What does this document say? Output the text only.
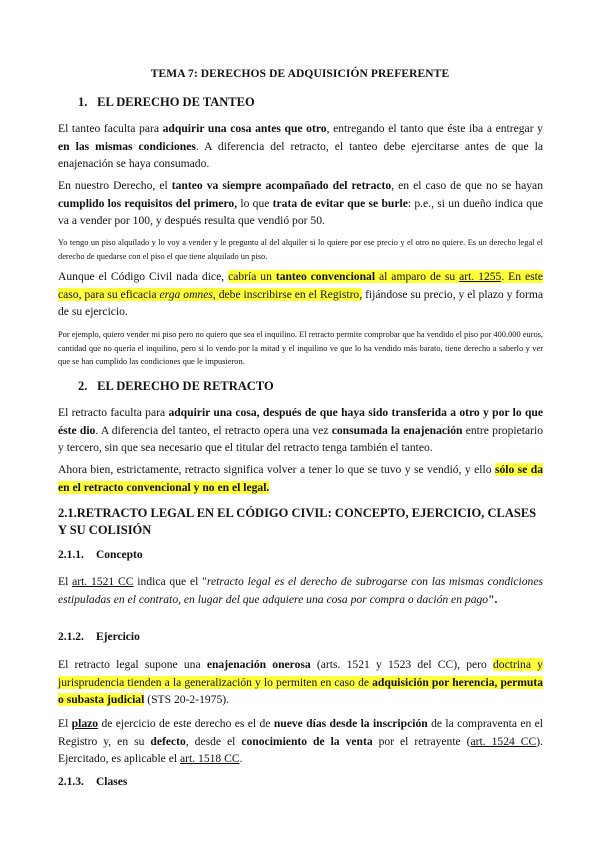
TEMA 7: DERECHOS DE ADQUISICIÓN PREFERENTE
1. EL DERECHO DE TANTEO
El tanteo faculta para adquirir una cosa antes que otro, entregando el tanto que éste iba a entregar y en las mismas condiciones. A diferencia del retracto, el tanteo debe ejercitarse antes de que la enajenación se haya consumado.
En nuestro Derecho, el tanteo va siempre acompañado del retracto, en el caso de que no se hayan cumplido los requisitos del primero, lo que trata de evitar que se burle: p.e., si un dueño indica que va a vender por 100, y después resulta que vendió por 50.
Yo tengo un piso alquilado y lo voy a vender y le pregunto al del alquiler si lo quiere por ese precio y el otro no quiere. Es un derecho legal el derecho de quedarse con el piso el que tiene alquilado un piso.
Aunque el Código Civil nada dice, cabría un tanteo convencional al amparo de su art. 1255. En este caso, para su eficacia erga omnes, debe inscribirse en el Registro, fijándose su precio, y el plazo y forma de su ejercicio.
Por ejemplo, quiero vender mi piso pero no quiero que sea el inquilino. El retracto permite comprobar que ha vendido el piso por 400.000 euros, cantidad que no quería el inquilino, pero si lo vendo por la mitad y el inquilino ve que lo ha vendido más barato, tiene derecho a saberlo y ver que se han cumplido las condiciones que le impusieron.
2. EL DERECHO DE RETRACTO
El retracto faculta para adquirir una cosa, después de que haya sido transferida a otro y por lo que éste dio. A diferencia del tanteo, el retracto opera una vez consumada la enajenación entre propietario y tercero, sin que sea necesario que el titular del retracto tenga también el tanteo.
Ahora bien, estrictamente, retracto significa volver a tener lo que se tuvo y se vendió, y ello sólo se da en el retracto convencional y no en el legal.
2.1.RETRACTO LEGAL EN EL CÓDIGO CIVIL: CONCEPTO, EJERCICIO, CLASES Y SU COLISIÓN
2.1.1. Concepto
El art. 1521 CC indica que el "retracto legal es el derecho de subrogarse con las mismas condiciones estipuladas en el contrato, en lugar del que adquiere una cosa por compra o dación en pago".
2.1.2. Ejercicio
El retracto legal supone una enajenación onerosa (arts. 1521 y 1523 del CC), pero doctrina y jurisprudencia tienden a la generalización y lo permiten en caso de adquisición por herencia, permuta o subasta judicial (STS 20-2-1975).
El plazo de ejercicio de este derecho es el de nueve días desde la inscripción de la compraventa en el Registro y, en su defecto, desde el conocimiento de la venta por el retrayente (art. 1524 CC). Ejercitado, es aplicable el art. 1518 CC.
2.1.3. Clases
